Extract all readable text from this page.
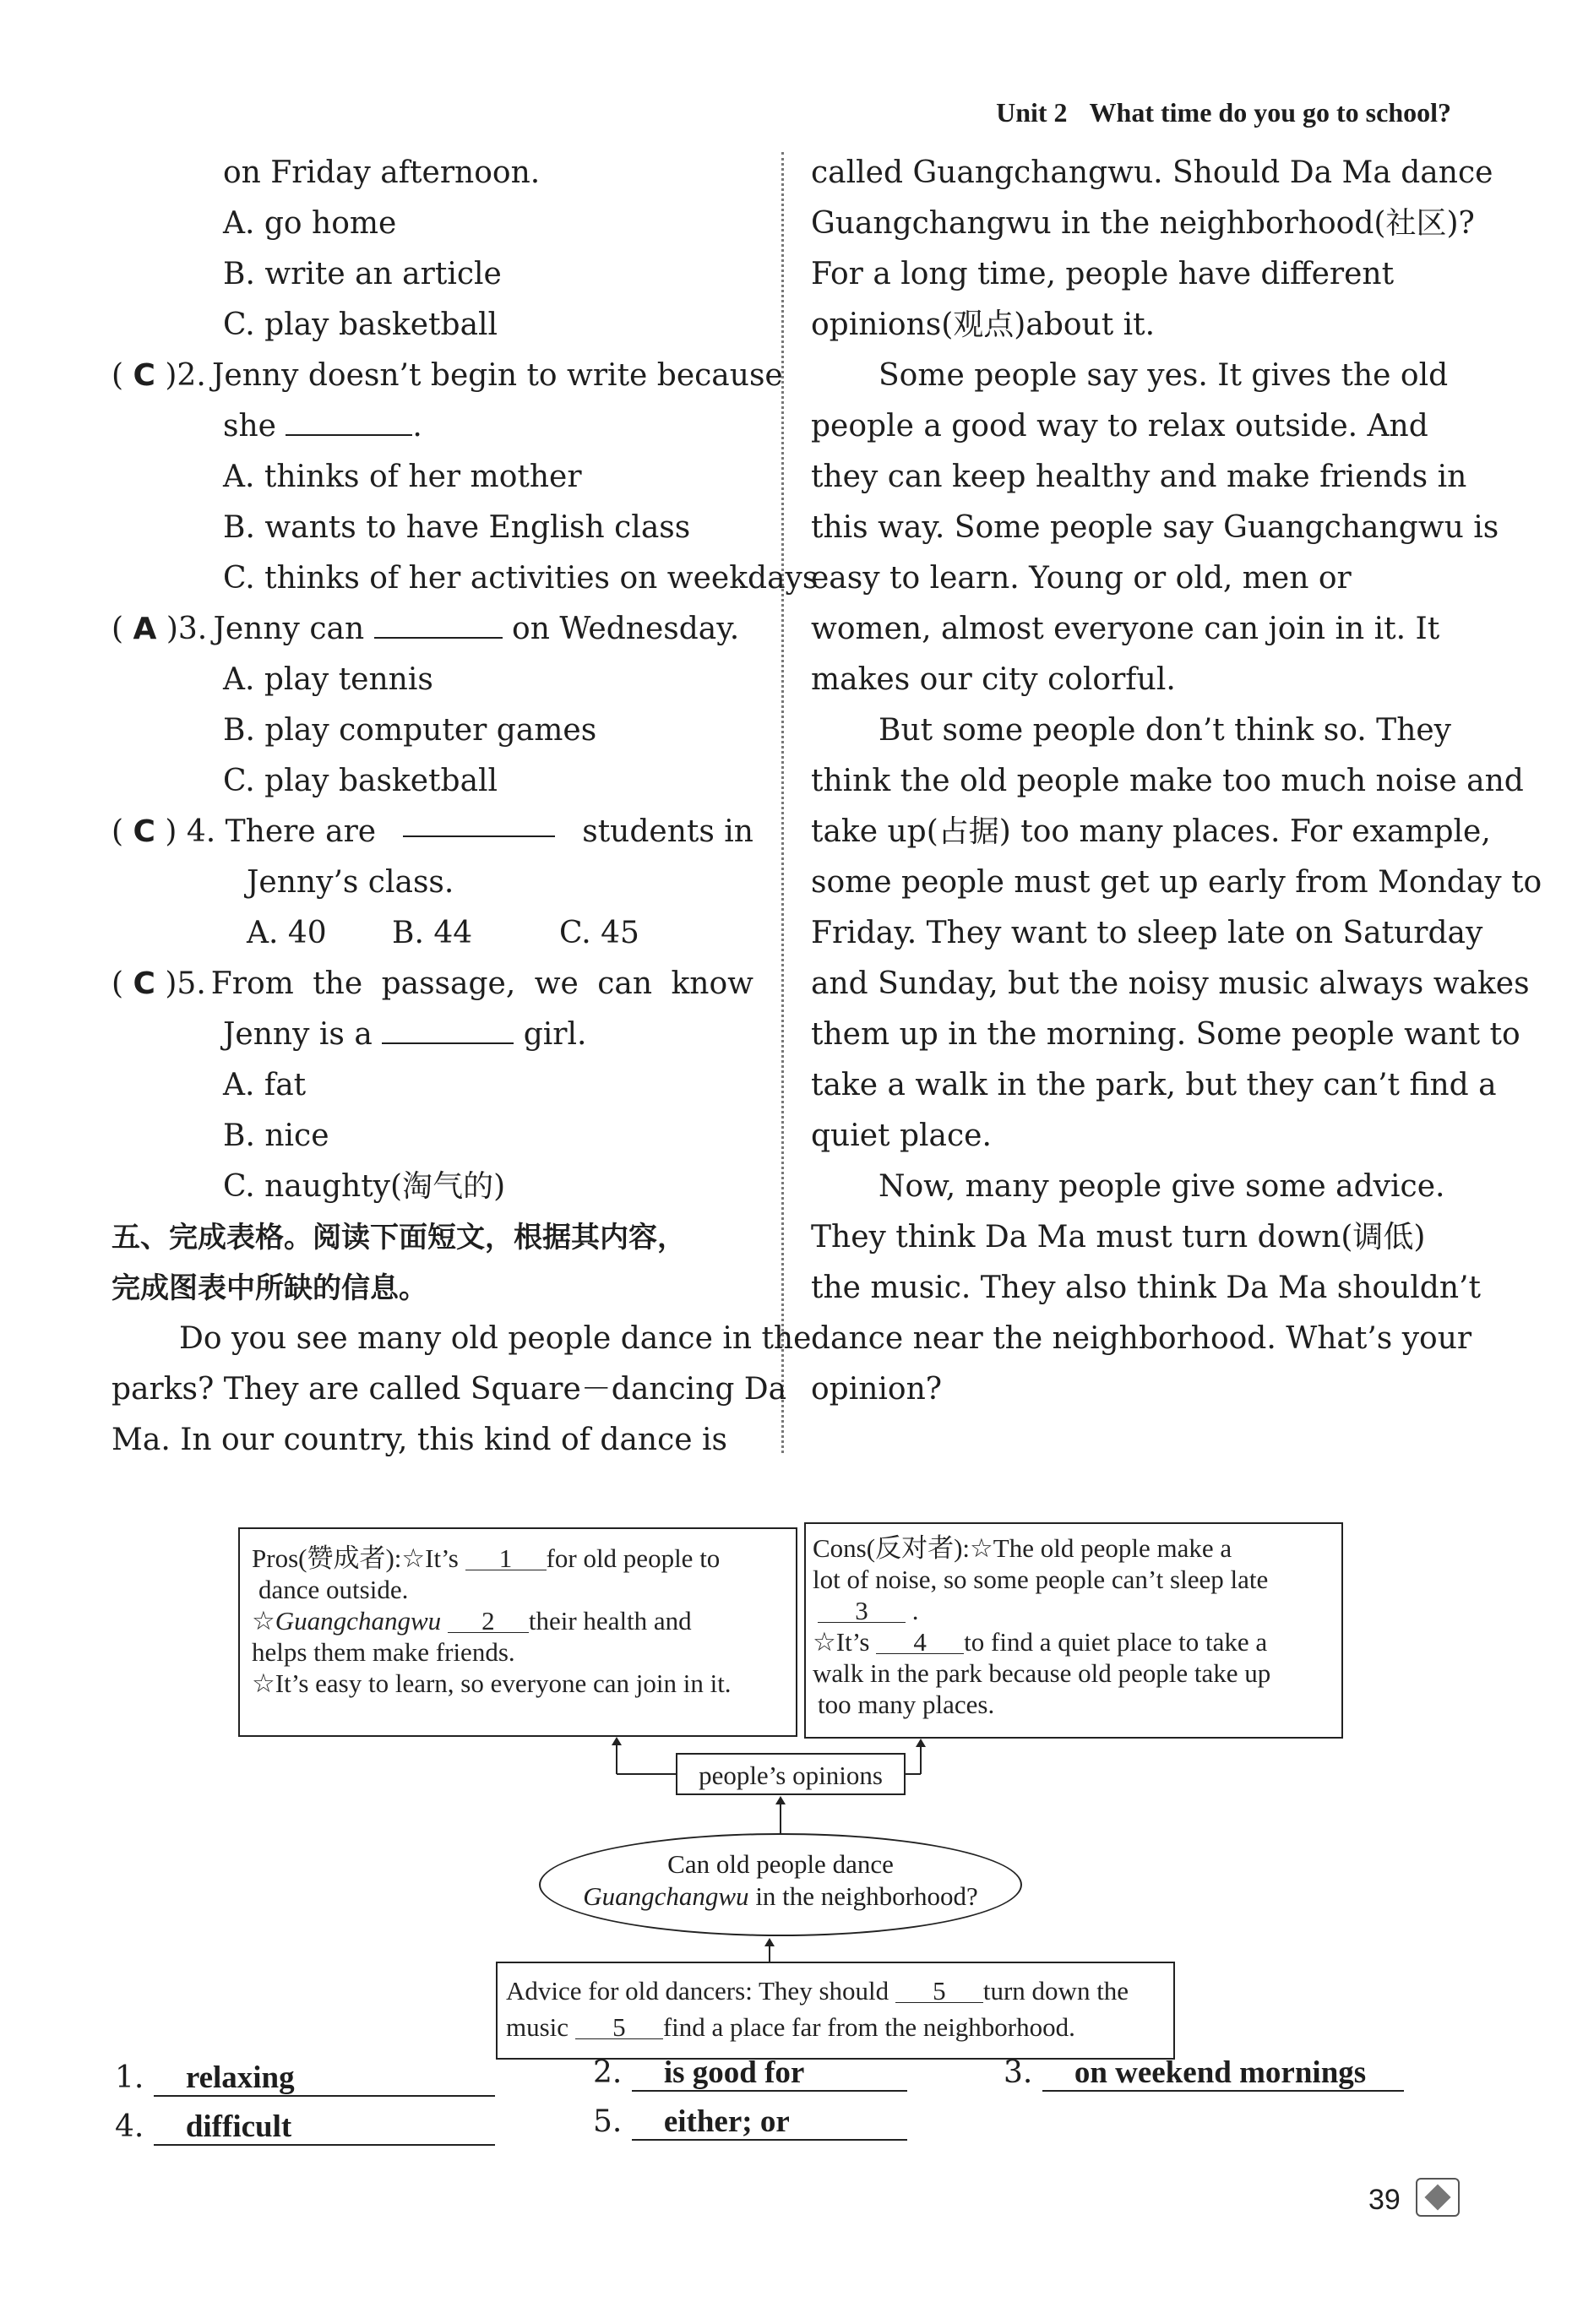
Unit 2 What time do you go to school?
on Friday afternoon.
A. go home
B. write an article
C. play basketball
( C )2.  Jenny doesn’t begin to write because
she	.
A. thinks of her mother
B. wants to have English class
C. thinks of her activities on weekdays
( A )3.  Jenny can	on Wednesday.
A. play tennis
B. play computer games
C. play basketball
( C ) 4. There are	students in
Jenny’s class.
A. 40	B. 44	C. 45
( C )5. From the passage, we can know
Jenny is a	girl.
A. fat
B. nice
C. naughty(淘气的)
五、完成表格。阅读下面短文，根据其内容，
完成图表中所缺的信息。
Do you see many old people dance in the
parks? They are called Square－dancing Da
Ma. In our country, this kind of dance is
called Guangchangwu. Should Da Ma dance
Guangchangwu in the neighborhood(社区)?
For a long time, people have different
opinions(观点)about it.
Some people say yes. It gives the old
people a good way to relax outside. And
they can keep healthy and make friends in
this way. Some people say Guangchangwu is
easy to learn. Young or old, men or
women, almost everyone can join in it. It
makes our city colorful.
But some people don’t think so. They
think the old people make too much noise and
take up(占据) too many places. For example,
some people must get up early from Monday to
Friday. They want to sleep late on Saturday
and Sunday, but the noisy music always wakes
them up in the morning. Some people want to
take a walk in the park, but they can’t find a
quiet place.
Now, many people give some advice.
They think Da Ma must turn down(调低)
the music. They also think Da Ma shouldn’t
dance near the neighborhood. What’s your
opinion?
Pros(赞成者):☆It’s 1 for old people to
dance outside.
☆Guangchangwu 2 their health and
helps them make friends.
☆It’s easy to learn, so everyone can join in it.
Cons(反对者):☆The old people make a
lot of noise, so some people can’t sleep late
3 .
☆It’s 4 to find a quiet place to take a
walk in the park because old people take up
too many places.
people’s opinions
Can old people dance
Guangchangwu in the neighborhood?
Advice for old dancers: They should 5 turn down the
music 5 find a place far from the neighborhood.
1. relaxing	2. is good for	3. on weekend mornings
4. difficult	5. either; or
39
